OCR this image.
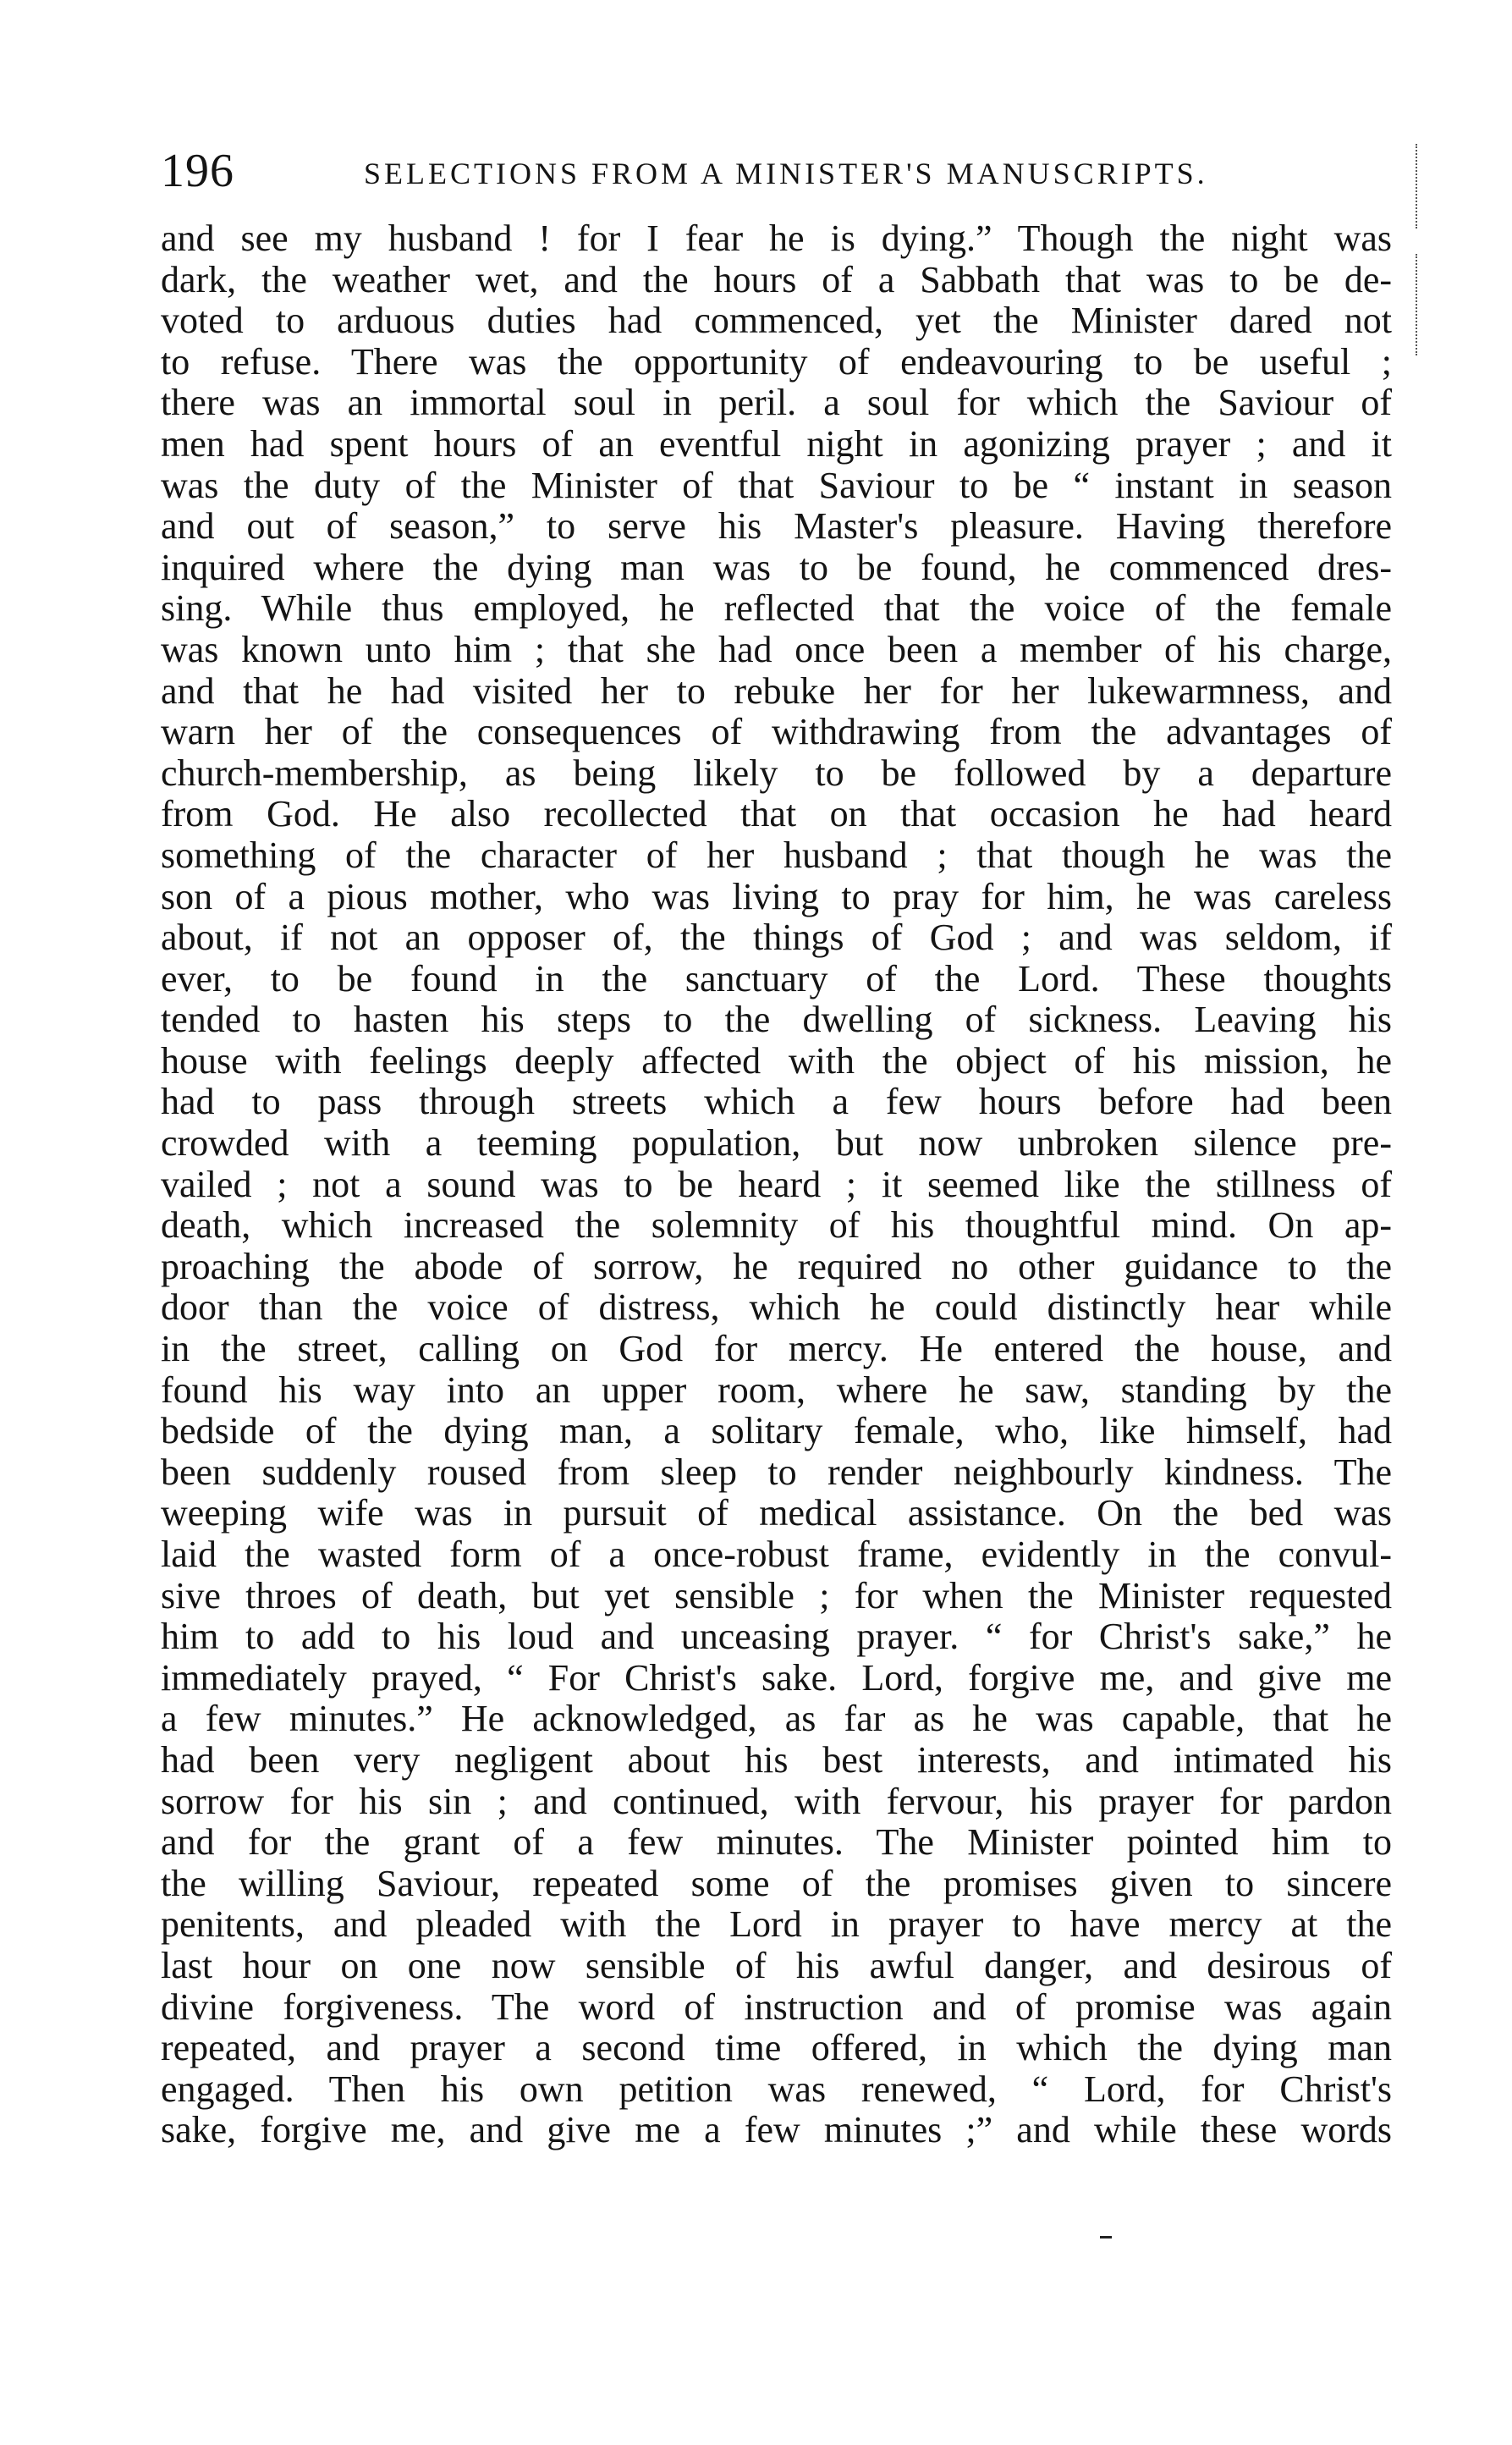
196	SELECTIONS FROM A MINISTER'S MANUSCRIPTS.
and see my husband ! for I fear he is dying.” Though the night was
dark, the weather wet, and the hours of a Sabbath that was to be de-
voted to arduous duties had commenced, yet the Minister dared not
to refuse. There was the opportunity of endeavouring to be useful ;
there was an immortal soul in peril. a soul for which the Saviour of
men had spent hours of an eventful night in agonizing prayer ; and it
was the duty of the Minister of that Saviour to be “ instant in season
and out of season,” to serve his Master's pleasure. Having therefore
inquired where the dying man was to be found, he commenced dres-
sing. While thus employed, he reflected that the voice of the female
was known unto him ; that she had once been a member of his charge,
and that he had visited her to rebuke her for her lukewarmness, and
warn her of the consequences of withdrawing from the advantages of
church-membership, as being likely to be followed by a departure
from God. He also recollected that on that occasion he had heard
something of the character of her husband ; that though he was the
son of a pious mother, who was living to pray for him, he was careless
about, if not an opposer of, the things of God ; and was seldom, if
ever, to be found in the sanctuary of the Lord. These thoughts
tended to hasten his steps to the dwelling of sickness. Leaving his
house with feelings deeply affected with the object of his mission, he
had to pass through streets which a few hours before had been
crowded with a teeming population, but now unbroken silence pre-
vailed ; not a sound was to be heard ; it seemed like the stillness of
death, which increased the solemnity of his thoughtful mind. On ap-
proaching the abode of sorrow, he required no other guidance to the
door than the voice of distress, which he could distinctly hear while
in the street, calling on God for mercy. He entered the house, and
found his way into an upper room, where he saw, standing by the
bedside of the dying man, a solitary female, who, like himself, had
been suddenly roused from sleep to render neighbourly kindness. The
weeping wife was in pursuit of medical assistance. On the bed was
laid the wasted form of a once-robust frame, evidently in the convul-
sive throes of death, but yet sensible ; for when the Minister requested
him to add to his loud and unceasing prayer. “ for Christ's sake,” he
immediately prayed, “ For Christ's sake. Lord, forgive me, and give me
a few minutes.” He acknowledged, as far as he was capable, that he
had been very negligent about his best interests, and intimated his
sorrow for his sin ; and continued, with fervour, his prayer for pardon
and for the grant of a few minutes. The Minister pointed him to
the willing Saviour, repeated some of the promises given to sincere
penitents, and pleaded with the Lord in prayer to have mercy at the
last hour on one now sensible of his awful danger, and desirous of
divine forgiveness. The word of instruction and of promise was again
repeated, and prayer a second time offered, in which the dying man
engaged. Then his own petition was renewed, “ Lord, for Christ's
sake, forgive me, and give me a few minutes ;” and while these words
